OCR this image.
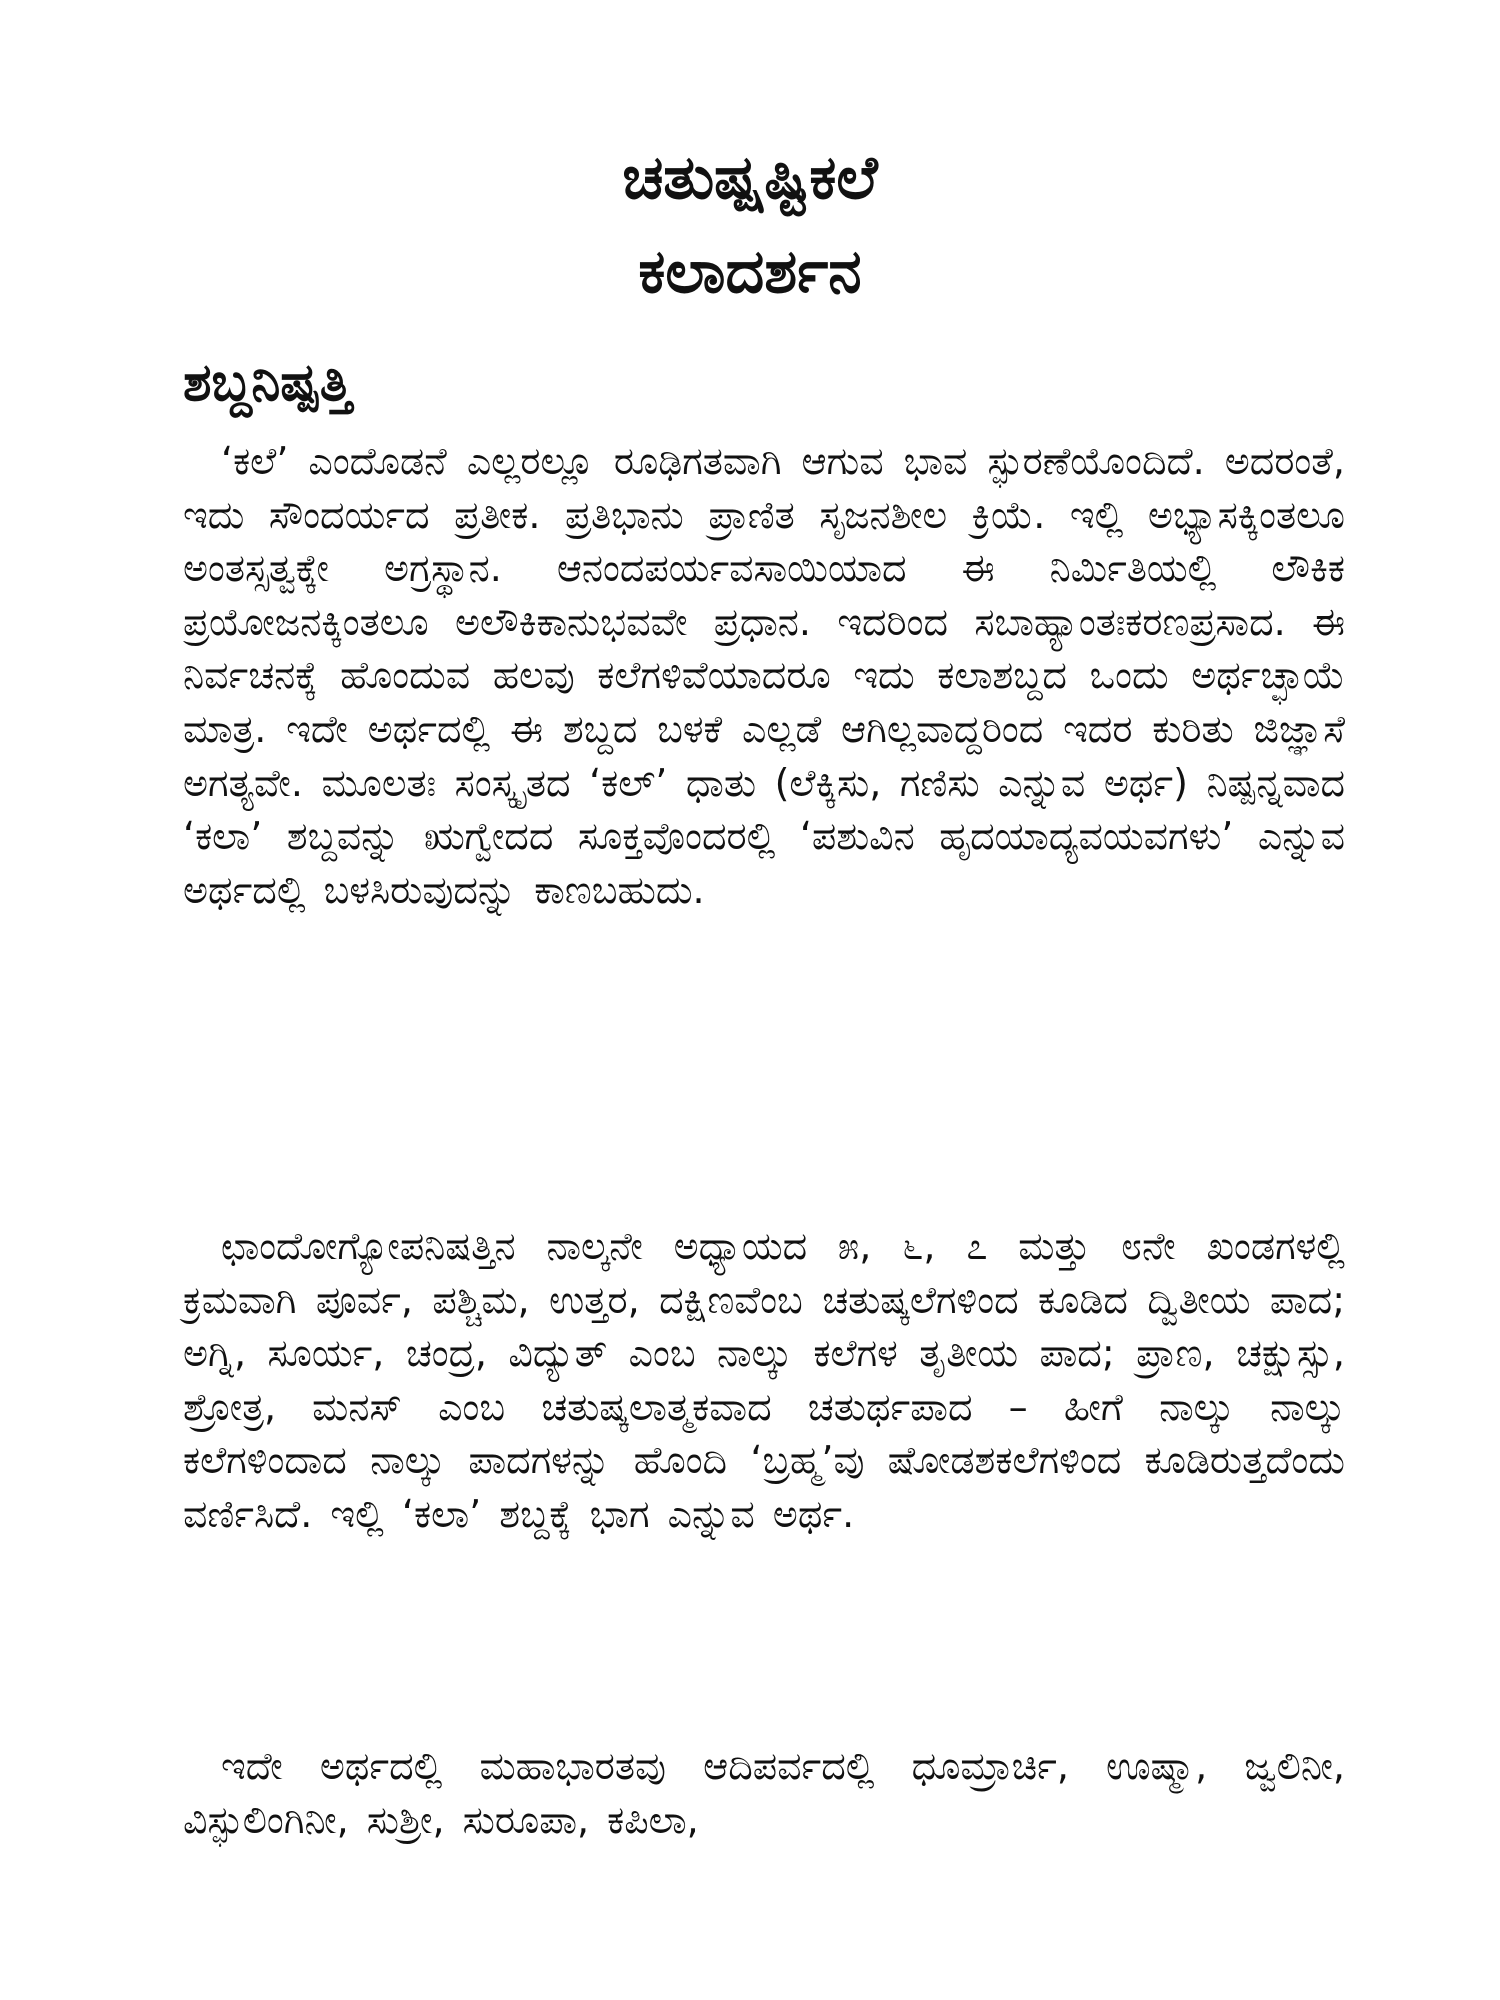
ಚತುಷ್ಷಷ್ಟಿಕಲೆ
ಕಲಾದರ್ಶನ
ಶಬ್ದನಿಷ್ಪತ್ತಿ

‘ಕಲೆ’ ಎಂದೊಡನೆ ಎಲ್ಲರಲ್ಲೂ ರೂಢಿಗತವಾಗಿ ಆಗುವ ಭಾವ ಸ್ಫುರಣೆಯೊಂದಿದೆ. ಅದರಂತೆ, ಇದು ಸೌಂದರ್ಯದ ಪ್ರತೀಕ. ಪ್ರತಿಭಾನು ಪ್ರಾಣಿತ ಸೃಜನಶೀಲ ಕ್ರಿಯೆ. ಇಲ್ಲಿ ಅಭ್ಯಾಸಕ್ಕಿಂತಲೂ ಅಂತಸ್ಸತ್ವಕ್ಕೇ ಅಗ್ರಸ್ಥಾನ. ಆನಂದಪರ್ಯವಸಾಯಿಯಾದ ಈ ನಿರ್ಮಿತಿಯಲ್ಲಿ ಲೌಕಿಕ ಪ್ರಯೋಜನಕ್ಕಿಂತಲೂ ಅಲೌಕಿಕಾನುಭವವೇ ಪ್ರಧಾನ. ಇದರಿಂದ ಸಬಾಹ್ಯಾಂತಃಕರಣಪ್ರಸಾದ. ಈ ನಿರ್ವಚನಕ್ಕೆ ಹೊಂದುವ ಹಲವು ಕಲೆಗಳಿವೆಯಾದರೂ ಇದು ಕಲಾಶಬ್ದದ ಒಂದು ಅರ್ಥಚ್ಛಾಯೆ ಮಾತ್ರ. ಇದೇ ಅರ್ಥದಲ್ಲಿ ಈ ಶಬ್ದದ ಬಳಕೆ ಎಲ್ಲಡೆ ಆಗಿಲ್ಲವಾದ್ದರಿಂದ ಇದರ ಕುರಿತು ಜಿಜ್ಞಾಸೆ ಅಗತ್ಯವೇ. ಮೂಲತಃ ಸಂಸ್ಕೃತದ ‘ಕಲ್’ ಧಾತು (ಲೆಕ್ಕಿಸು, ಗಣಿಸು ಎನ್ನುವ ಅರ್ಥ) ನಿಷ್ಪನ್ನವಾದ ‘ಕಲಾ’ ಶಬ್ದವನ್ನು ಋಗ್ವೇದದ ಸೂಕ್ತವೊಂದರಲ್ಲಿ ‘ಪಶುವಿನ ಹೃದಯಾದ್ಯವಯವಗಳು’ ಎನ್ನುವ ಅರ್ಥದಲ್ಲಿ ಬಳಸಿರುವುದನ್ನು ಕಾಣಬಹುದು.

ಛಾಂದೋಗ್ಯೋಪನಿಷತ್ತಿನ ನಾಲ್ಕನೇ ಅಧ್ಯಾಯದ ೫, ೬, ೭ ಮತ್ತು ೮ನೇ ಖಂಡಗಳಲ್ಲಿ ಕ್ರಮವಾಗಿ ಪೂರ್ವ, ಪಶ್ಚಿಮ, ಉತ್ತರ, ದಕ್ಷಿಣವೆಂಬ ಚತುಷ್ಕಲೆಗಳಿಂದ ಕೂಡಿದ ದ್ವಿತೀಯ ಪಾದ; ಅಗ್ನಿ, ಸೂರ್ಯ, ಚಂದ್ರ, ವಿದ್ಯುತ್ ಎಂಬ ನಾಲ್ಕು ಕಲೆಗಳ ತೃತೀಯ ಪಾದ; ಪ್ರಾಣ, ಚಕ್ಷುಸ್ಸು, ಶ್ರೋತ್ರ, ಮನಸ್ ಎಂಬ ಚತುಷ್ಕಲಾತ್ಮಕವಾದ ಚತುರ್ಥಪಾದ – ಹೀಗೆ ನಾಲ್ಕು ನಾಲ್ಕು ಕಲೆಗಳಿಂದಾದ ನಾಲ್ಕು ಪಾದಗಳನ್ನು ಹೊಂದಿ ‘ಬ್ರಹ್ಮ’ವು ಷೋಡಶಕಲೆಗಳಿಂದ ಕೂಡಿರುತ್ತದೆಂದು ವರ್ಣಿಸಿದೆ. ಇಲ್ಲಿ ‘ಕಲಾ’ ಶಬ್ದಕ್ಕೆ ಭಾಗ ಎನ್ನುವ ಅರ್ಥ.

ಇದೇ ಅರ್ಥದಲ್ಲಿ ಮಹಾಭಾರತವು ಆದಿಪರ್ವದಲ್ಲಿ ಧೂಮ್ರಾರ್ಚಿ, ಊಷ್ಮಾ, ಜ್ವಲಿನೀ, ವಿಸ್ಫುಲಿಂಗಿನೀ, ಸುಶ್ರೀ, ಸುರೂಪಾ, ಕಪಿಲಾ,
